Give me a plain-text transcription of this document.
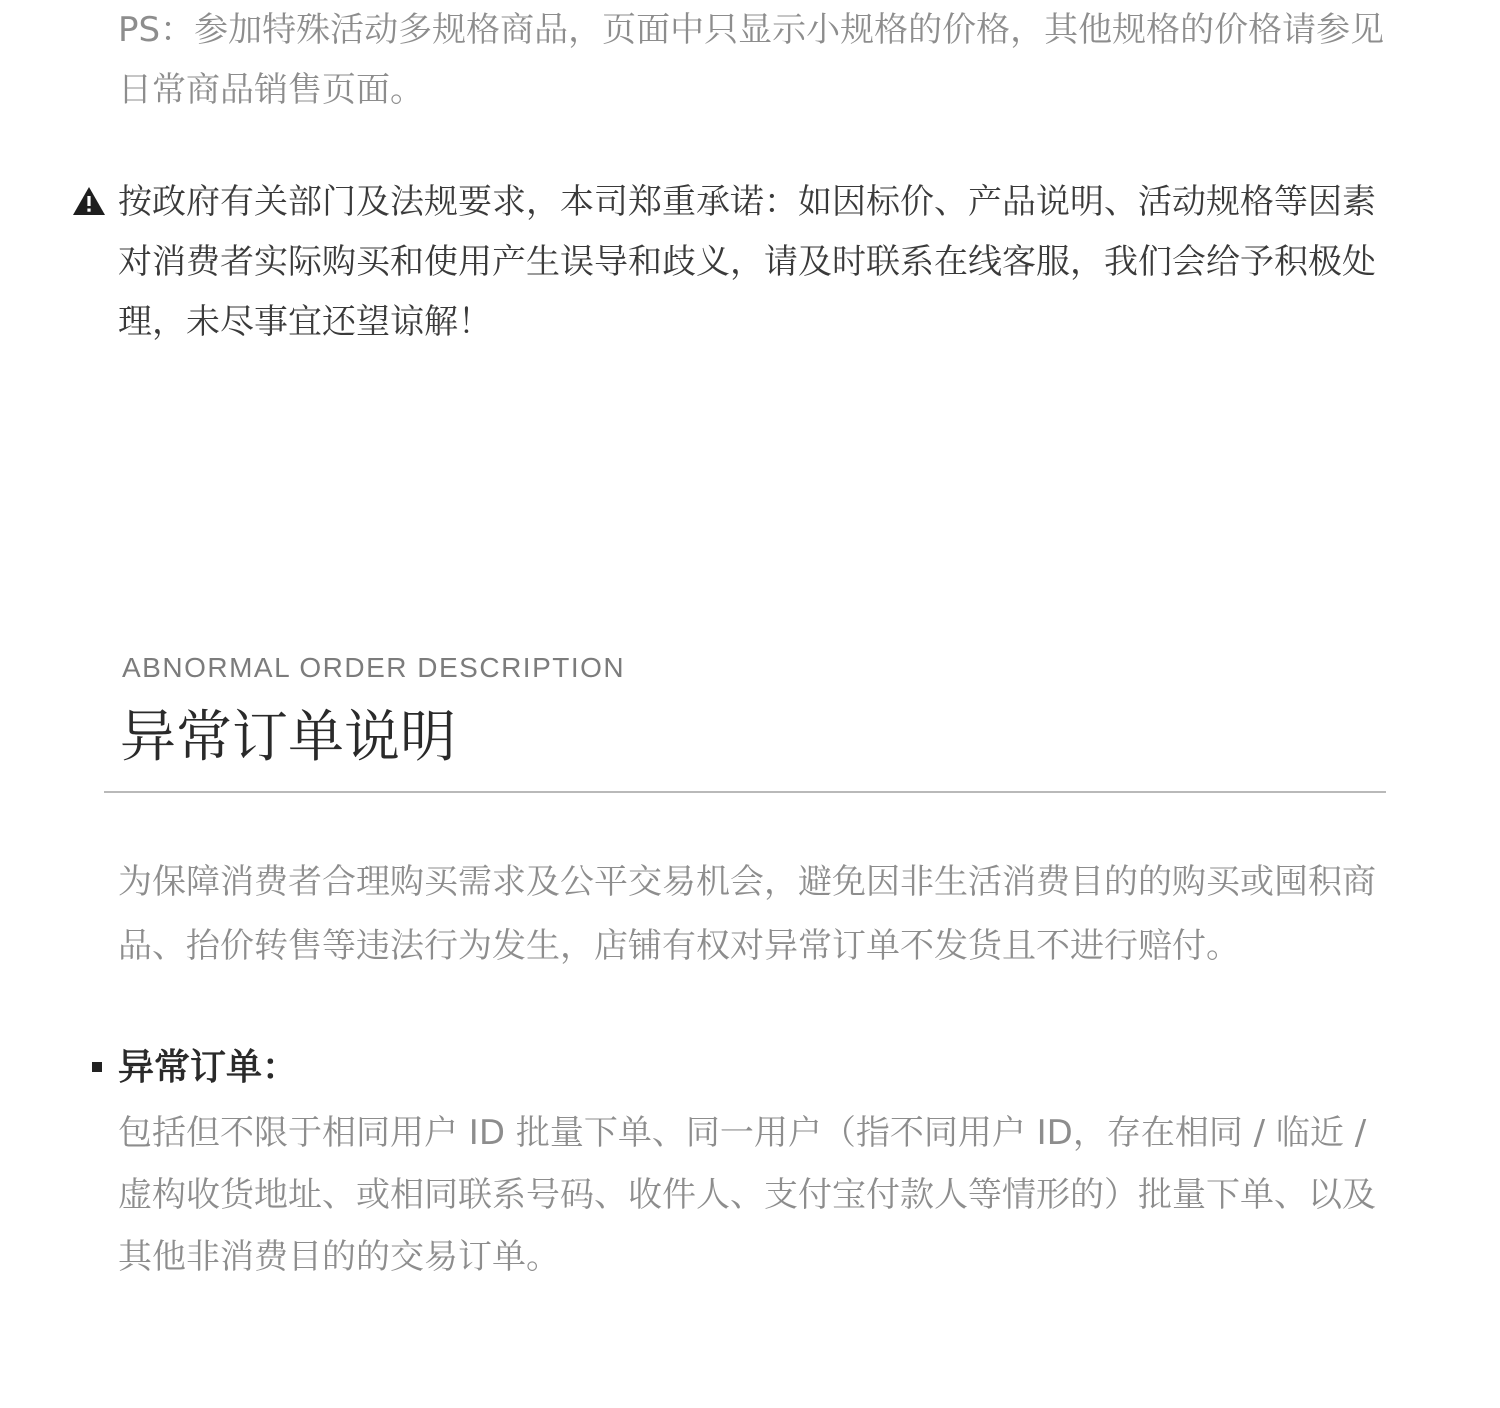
PS：参加特殊活动多规格商品，页面中只显示小规格的价格，其他规格的价格请参见日常商品销售页面。

按政府有关部门及法规要求，本司郑重承诺：如因标价、产品说明、活动规格等因素对消费者实际购买和使用产生误导和歧义，请及时联系在线客服，我们会给予积极处理，未尽事宜还望谅解！

ABNORMAL ORDER DESCRIPTION

异常订单说明

为保障消费者合理购买需求及公平交易机会，避免因非生活消费目的的购买或囤积商品、抬价转售等违法行为发生，店铺有权对异常订单不发货且不进行赔付。

异常订单：

包括但不限于相同用户 ID 批量下单、同一用户（指不同用户 ID，存在相同 / 临近 / 虚构收货地址、或相同联系号码、收件人、支付宝付款人等情形的）批量下单、以及其他非消费目的的交易订单。
